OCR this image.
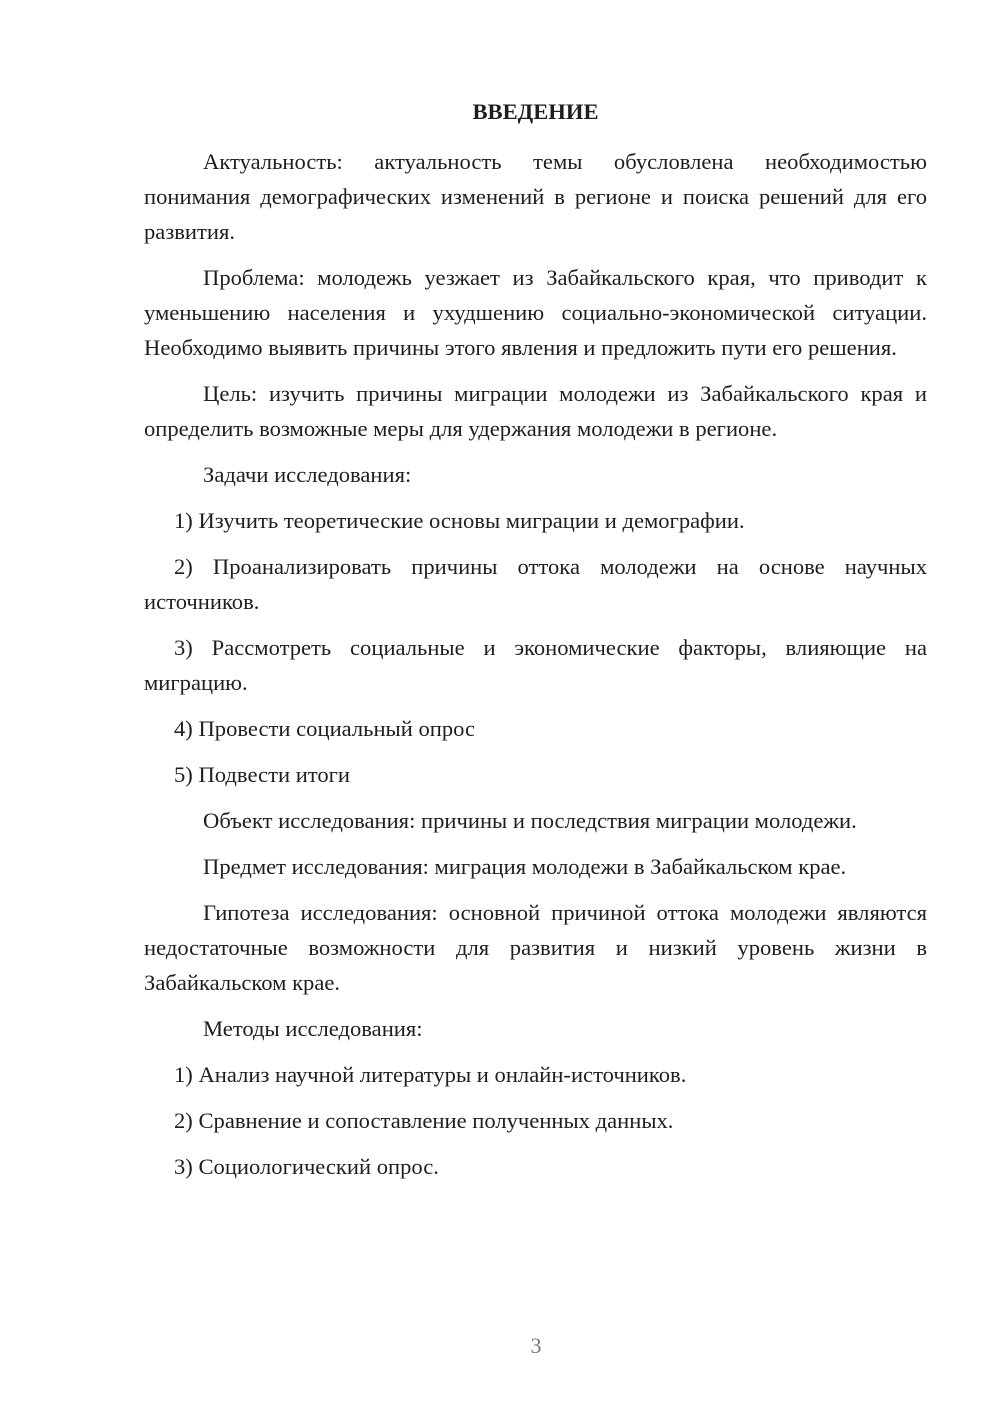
ВВЕДЕНИЕ

Актуальность: актуальность темы обусловлена необходимостью понимания демографических изменений в регионе и поиска решений для его развития.

Проблема: молодежь уезжает из Забайкальского края, что приводит к уменьшению населения и ухудшению социально-экономической ситуации. Необходимо выявить причины этого явления и предложить пути его решения.

Цель: изучить причины миграции молодежи из Забайкальского края и определить возможные меры для удержания молодежи в регионе.

Задачи исследования:

1) Изучить теоретические основы миграции и демографии.

2) Проанализировать причины оттока молодежи на основе научных источников.

3) Рассмотреть социальные и экономические факторы, влияющие на миграцию.

4) Провести социальный опрос

5) Подвести итоги

Объект исследования: причины и последствия миграции молодежи.

Предмет исследования: миграция молодежи в Забайкальском крае.

Гипотеза исследования: основной причиной оттока молодежи являются недостаточные возможности для развития и низкий уровень жизни в Забайкальском крае.

Методы исследования:

1) Анализ научной литературы и онлайн-источников.

2) Сравнение и сопоставление полученных данных.

3) Социологический опрос.

3
